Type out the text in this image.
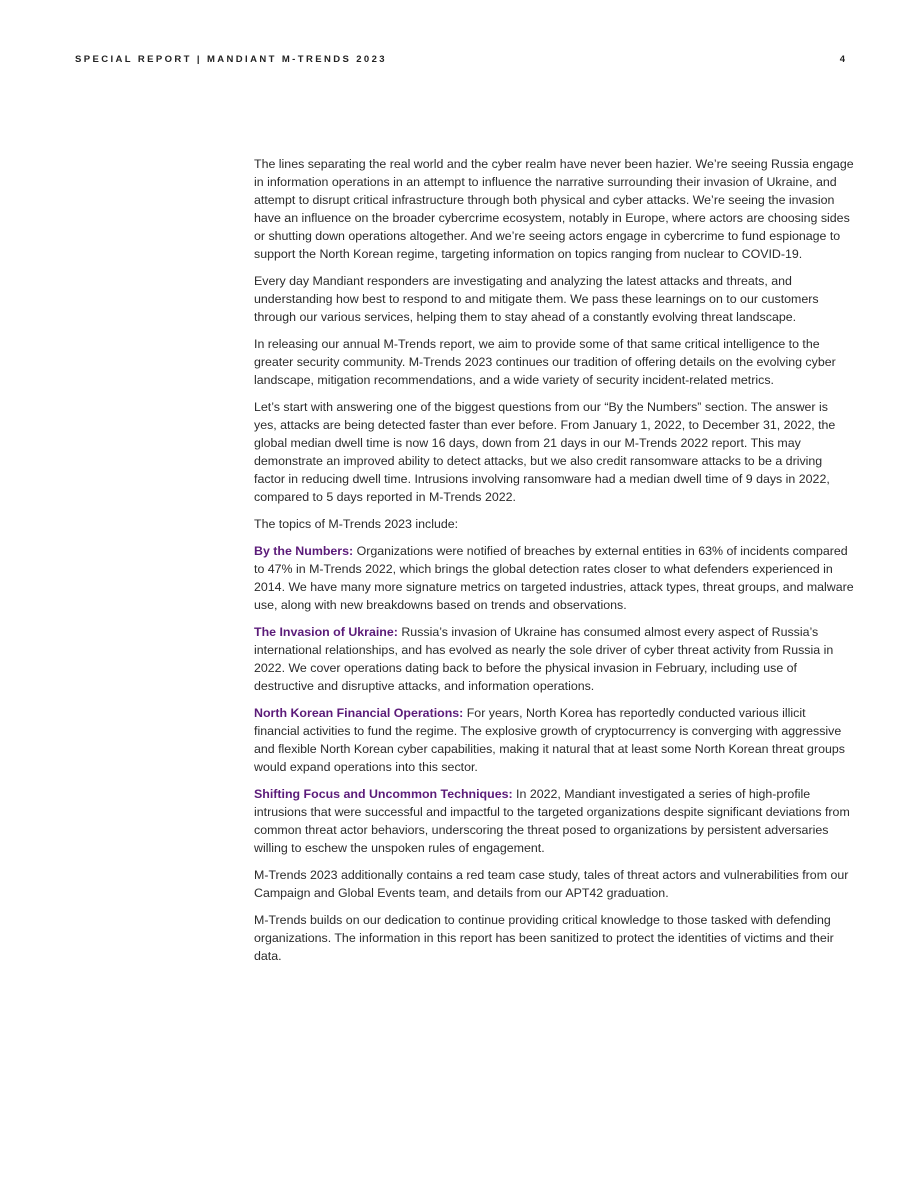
SPECIAL REPORT | MANDIANT M-TRENDS 2023	4

The lines separating the real world and the cyber realm have never been hazier. We’re seeing Russia engage in information operations in an attempt to influence the narrative surrounding their invasion of Ukraine, and attempt to disrupt critical infrastructure through both physical and cyber attacks. We’re seeing the invasion have an influence on the broader cybercrime ecosystem, notably in Europe, where actors are choosing sides or shutting down operations altogether. And we’re seeing actors engage in cybercrime to fund espionage to support the North Korean regime, targeting information on topics ranging from nuclear to COVID-19.

Every day Mandiant responders are investigating and analyzing the latest attacks and threats, and understanding how best to respond to and mitigate them. We pass these learnings on to our customers through our various services, helping them to stay ahead of a constantly evolving threat landscape.

In releasing our annual M-Trends report, we aim to provide some of that same critical intelligence to the greater security community. M-Trends 2023 continues our tradition of offering details on the evolving cyber landscape, mitigation recommendations, and a wide variety of security incident-related metrics.

Let’s start with answering one of the biggest questions from our “By the Numbers” section. The answer is yes, attacks are being detected faster than ever before. From January 1, 2022, to December 31, 2022, the global median dwell time is now 16 days, down from 21 days in our M-Trends 2022 report. This may demonstrate an improved ability to detect attacks, but we also credit ransomware attacks to be a driving factor in reducing dwell time. Intrusions involving ransomware had a median dwell time of 9 days in 2022, compared to 5 days reported in M-Trends 2022.

The topics of M-Trends 2023 include:

By the Numbers: Organizations were notified of breaches by external entities in 63% of incidents compared to 47% in M-Trends 2022, which brings the global detection rates closer to what defenders experienced in 2014. We have many more signature metrics on targeted industries, attack types, threat groups, and malware use, along with new breakdowns based on trends and observations.

The Invasion of Ukraine: Russia’s invasion of Ukraine has consumed almost every aspect of Russia’s international relationships, and has evolved as nearly the sole driver of cyber threat activity from Russia in 2022. We cover operations dating back to before the physical invasion in February, including use of destructive and disruptive attacks, and information operations.

North Korean Financial Operations: For years, North Korea has reportedly conducted various illicit financial activities to fund the regime. The explosive growth of cryptocurrency is converging with aggressive and flexible North Korean cyber capabilities, making it natural that at least some North Korean threat groups would expand operations into this sector.

Shifting Focus and Uncommon Techniques: In 2022, Mandiant investigated a series of high-profile intrusions that were successful and impactful to the targeted organizations despite significant deviations from common threat actor behaviors, underscoring the threat posed to organizations by persistent adversaries willing to eschew the unspoken rules of engagement.

M-Trends 2023 additionally contains a red team case study, tales of threat actors and vulnerabilities from our Campaign and Global Events team, and details from our APT42 graduation.

M-Trends builds on our dedication to continue providing critical knowledge to those tasked with defending organizations. The information in this report has been sanitized to protect the identities of victims and their data.
